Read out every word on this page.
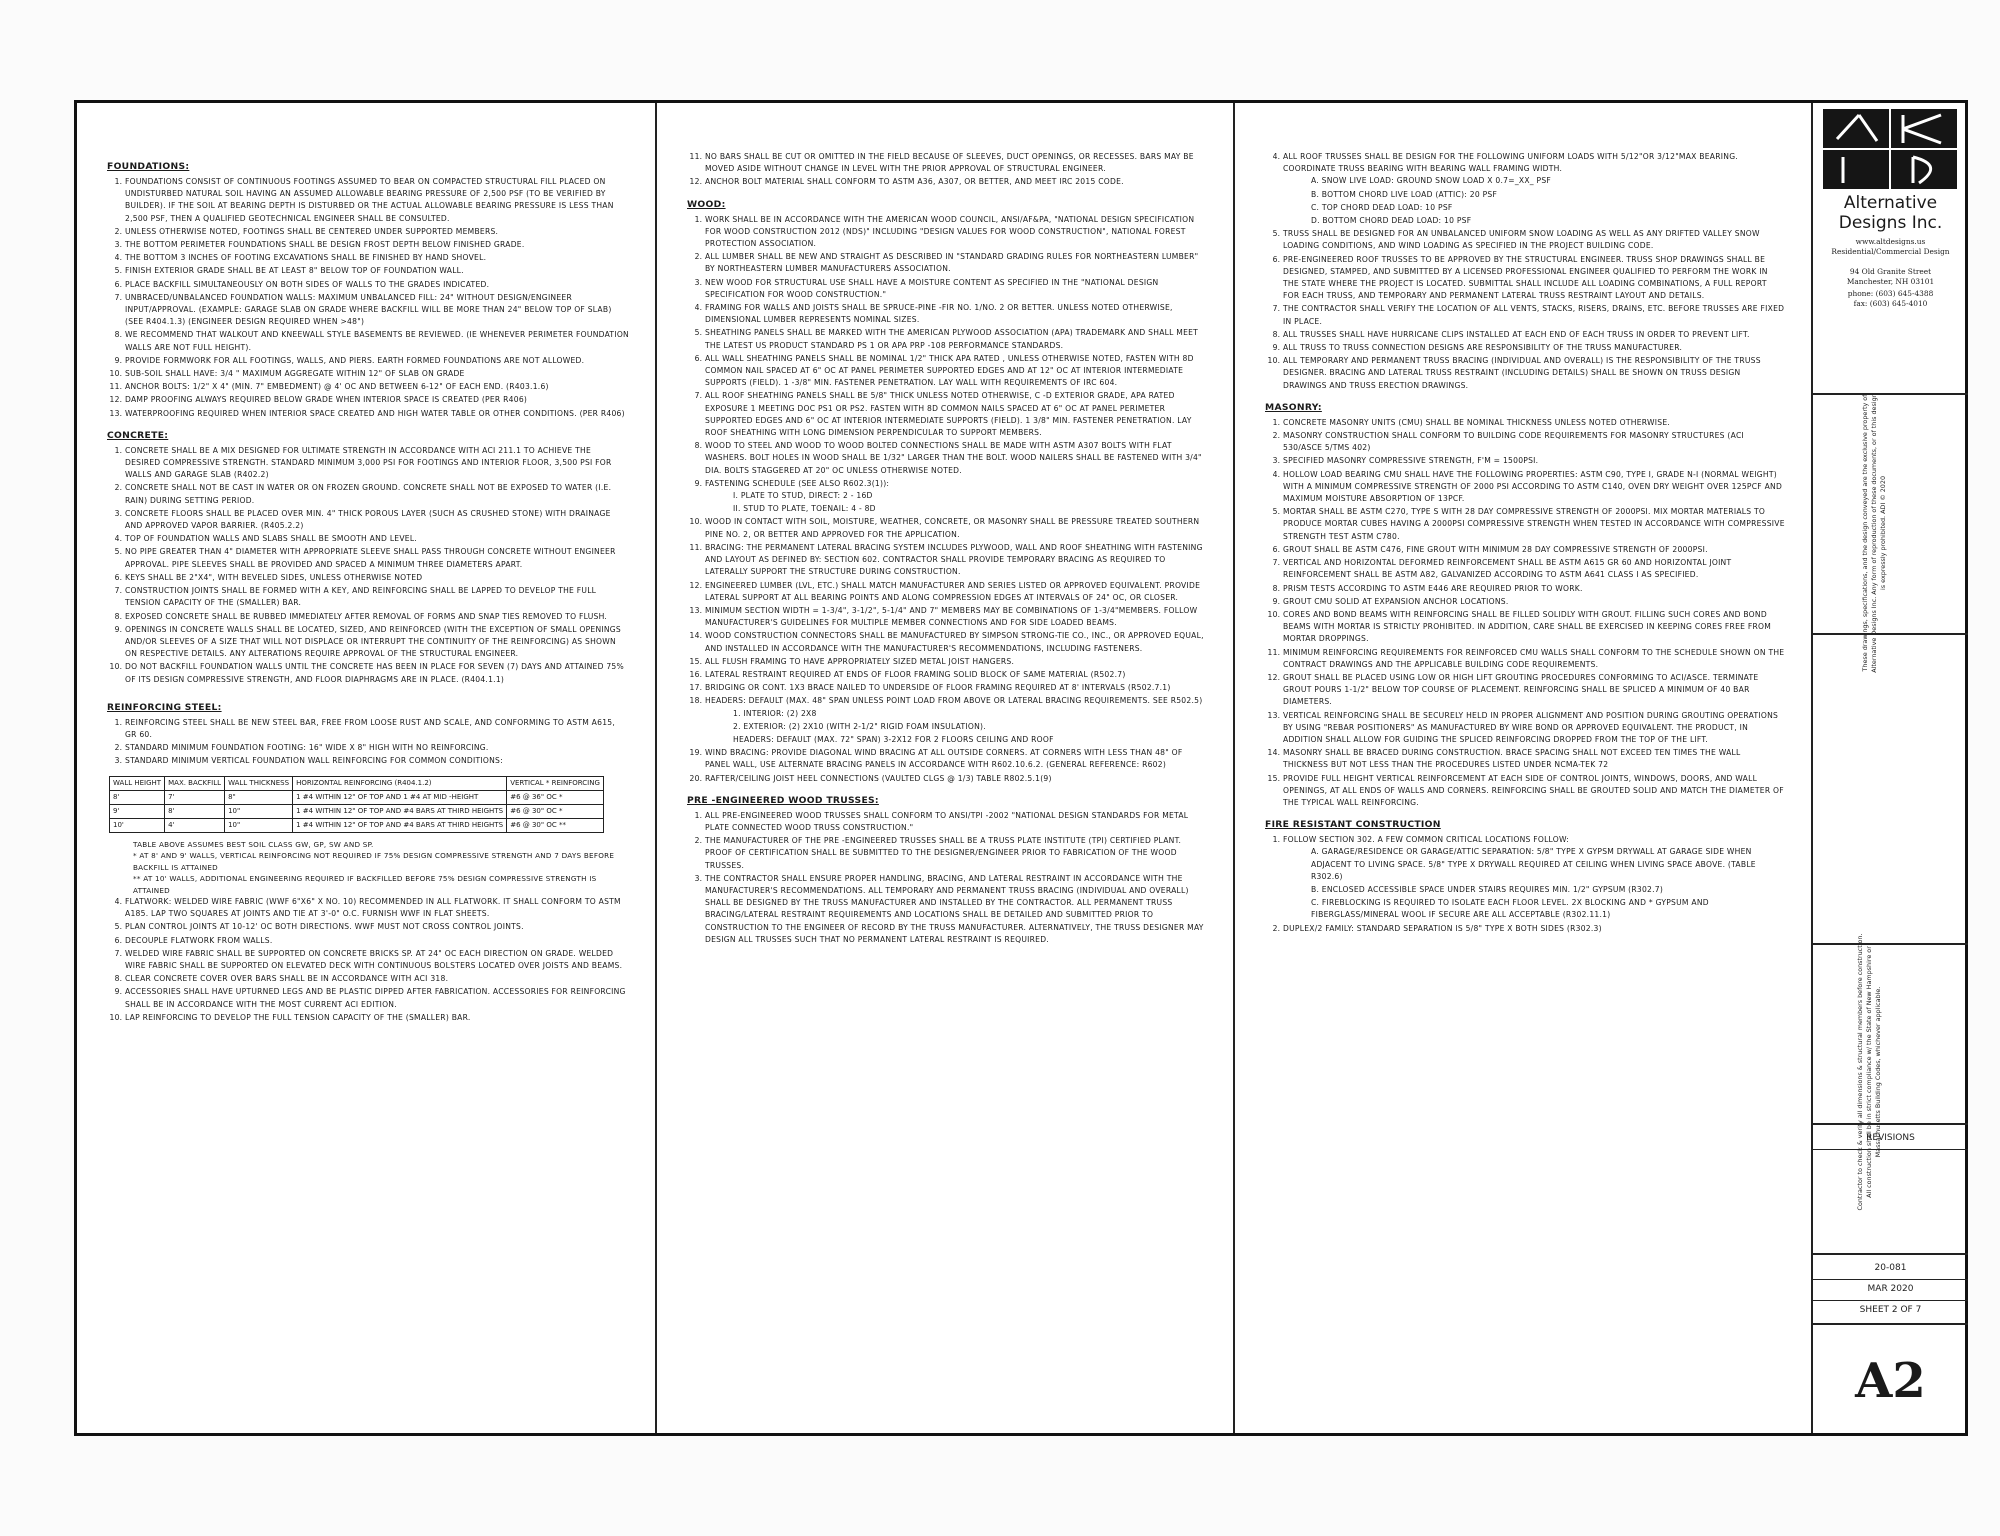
FOUNDATIONS:
1. FOUNDATIONS CONSIST OF CONTINUOUS FOOTINGS ASSUMED TO BEAR ON COMPACTED STRUCTURAL FILL PLACED ON UNDISTURBED NATURAL SOIL HAVING AN ASSUMED ALLOWABLE BEARING PRESSURE OF 2,500 PSF (TO BE VERIFIED BY BUILDER). IF THE SOIL AT BEARING DEPTH IS DISTURBED OR THE ACTUAL ALLOWABLE BEARING PRESSURE IS LESS THAN 2,500 PSF, THEN A QUALIFIED GEOTECHNICAL ENGINEER SHALL BE CONSULTED.
2. UNLESS OTHERWISE NOTED, FOOTINGS SHALL BE CENTERED UNDER SUPPORTED MEMBERS.
3. THE BOTTOM PERIMETER FOUNDATIONS SHALL BE DESIGN FROST DEPTH BELOW FINISHED GRADE.
4. THE BOTTOM 3 INCHES OF FOOTING EXCAVATIONS SHALL BE FINISHED BY HAND SHOVEL.
5. FINISH EXTERIOR GRADE SHALL BE AT LEAST 8" BELOW TOP OF FOUNDATION WALL.
6. PLACE BACKFILL SIMULTANEOUSLY ON BOTH SIDES OF WALLS TO THE GRADES INDICATED.
7. UNBRACED/UNBALANCED FOUNDATION WALLS: MAXIMUM UNBALANCED FILL: 24" WITHOUT DESIGN/ENGINEER INPUT/APPROVAL. (EXAMPLE: GARAGE SLAB ON GRADE WHERE BACKFILL WILL BE MORE THAN 24" BELOW TOP OF SLAB) (SEE R404.1.3) (ENGINEER DESIGN REQUIRED WHEN >48")
8. WE RECOMMEND THAT WALKOUT AND KNEEWALL STYLE BASEMENTS BE REVIEWED. (IE WHENEVER PERIMETER FOUNDATION WALLS ARE NOT FULL HEIGHT).
9. PROVIDE FORMWORK FOR ALL FOOTINGS, WALLS, AND PIERS. EARTH FORMED FOUNDATIONS ARE NOT ALLOWED.
10. SUB-SOIL SHALL HAVE: 3/4 " MAXIMUM AGGREGATE WITHIN 12" OF SLAB ON GRADE
11. ANCHOR BOLTS: 1/2" X 4" (MIN. 7" EMBEDMENT) @ 4' OC AND BETWEEN 6-12" OF EACH END. (R403.1.6)
12. DAMP PROOFING ALWAYS REQUIRED BELOW GRADE WHEN INTERIOR SPACE IS CREATED (PER R406)
13. WATERPROOFING REQUIRED WHEN INTERIOR SPACE CREATED AND HIGH WATER TABLE OR OTHER CONDITIONS. (PER R406)
CONCRETE:
1. CONCRETE SHALL BE A MIX DESIGNED FOR ULTIMATE STRENGTH IN ACCORDANCE WITH ACI 211.1 TO ACHIEVE THE DESIRED COMPRESSIVE STRENGTH. STANDARD MINIMUM 3,000 PSI FOR FOOTINGS AND INTERIOR FLOOR, 3,500 PSI FOR WALLS AND GARAGE SLAB (R402.2)
2. CONCRETE SHALL NOT BE CAST IN WATER OR ON FROZEN GROUND. CONCRETE SHALL NOT BE EXPOSED TO WATER (I.E. RAIN) DURING SETTING PERIOD.
3. CONCRETE FLOORS SHALL BE PLACED OVER MIN. 4" THICK POROUS LAYER (SUCH AS CRUSHED STONE) WITH DRAINAGE AND APPROVED VAPOR BARRIER. (R405.2.2)
4. TOP OF FOUNDATION WALLS AND SLABS SHALL BE SMOOTH AND LEVEL.
5. NO PIPE GREATER THAN 4" DIAMETER WITH APPROPRIATE SLEEVE SHALL PASS THROUGH CONCRETE WITHOUT ENGINEER APPROVAL. PIPE SLEEVES SHALL BE PROVIDED AND SPACED A MINIMUM THREE DIAMETERS APART.
6. KEYS SHALL BE 2"X4", WITH BEVELED SIDES, UNLESS OTHERWISE NOTED
7. CONSTRUCTION JOINTS SHALL BE FORMED WITH A KEY, AND REINFORCING SHALL BE LAPPED TO DEVELOP THE FULL TENSION CAPACITY OF THE (SMALLER) BAR.
8. EXPOSED CONCRETE SHALL BE RUBBED IMMEDIATELY AFTER REMOVAL OF FORMS AND SNAP TIES REMOVED TO FLUSH.
9. OPENINGS IN CONCRETE WALLS SHALL BE LOCATED, SIZED, AND REINFORCED (WITH THE EXCEPTION OF SMALL OPENINGS AND/OR SLEEVES OF A SIZE THAT WILL NOT DISPLACE OR INTERRUPT THE CONTINUITY OF THE REINFORCING) AS SHOWN ON RESPECTIVE DETAILS. ANY ALTERATIONS REQUIRE APPROVAL OF THE STRUCTURAL ENGINEER.
10. DO NOT BACKFILL FOUNDATION WALLS UNTIL THE CONCRETE HAS BEEN IN PLACE FOR SEVEN (7) DAYS AND ATTAINED 75% OF ITS DESIGN COMPRESSIVE STRENGTH, AND FLOOR DIAPHRAGMS ARE IN PLACE. (R404.1.1)
REINFORCING STEEL:
1. REINFORCING STEEL SHALL BE NEW STEEL BAR, FREE FROM LOOSE RUST AND SCALE, AND CONFORMING TO ASTM A615, GR 60.
2. STANDARD MINIMUM FOUNDATION FOOTING: 16" WIDE X 8" HIGH WITH NO REINFORCING.
3. STANDARD MINIMUM VERTICAL FOUNDATION WALL REINFORCING FOR COMMON CONDITIONS:
WALL HEIGHT	MAX. BACKFILL	WALL THICKNESS	HORIZONTAL REINFORCING (R404.1.2)	VERTICAL * REINFORCING
8'	7'	8"	1 #4 WITHIN 12" OF TOP AND 1 #4 AT MID -HEIGHT	#6 @ 36" OC *
9'	8'	10"	1 #4 WITHIN 12" OF TOP AND #4 BARS AT THIRD HEIGHTS	#6 @ 30" OC *
10'	4'	10"	1 #4 WITHIN 12" OF TOP AND #4 BARS AT THIRD HEIGHTS	#6 @ 30" OC **
TABLE ABOVE ASSUMES BEST SOIL CLASS GW, GP, SW AND SP.
* AT 8' AND 9' WALLS, VERTICAL REINFORCING NOT REQUIRED IF 75% DESIGN COMPRESSIVE STRENGTH AND 7 DAYS BEFORE BACKFILL IS ATTAINED
** AT 10' WALLS, ADDITIONAL ENGINEERING REQUIRED IF BACKFILLED BEFORE 75% DESIGN COMPRESSIVE STRENGTH IS ATTAINED
4. FLATWORK: WELDED WIRE FABRIC (WWF 6"X6" X NO. 10) RECOMMENDED IN ALL FLATWORK. IT SHALL CONFORM TO ASTM A185. LAP TWO SQUARES AT JOINTS AND TIE AT 3'-0" O.C. FURNISH WWF IN FLAT SHEETS.
5. PLAN CONTROL JOINTS AT 10-12' OC BOTH DIRECTIONS. WWF MUST NOT CROSS CONTROL JOINTS.
6. DECOUPLE FLATWORK FROM WALLS.
7. WELDED WIRE FABRIC SHALL BE SUPPORTED ON CONCRETE BRICKS SP. AT 24" OC EACH DIRECTION ON GRADE. WELDED WIRE FABRIC SHALL BE SUPPORTED ON ELEVATED DECK WITH CONTINUOUS BOLSTERS LOCATED OVER JOISTS AND BEAMS.
8. CLEAR CONCRETE COVER OVER BARS SHALL BE IN ACCORDANCE WITH ACI 318.
9. ACCESSORIES SHALL HAVE UPTURNED LEGS AND BE PLASTIC DIPPED AFTER FABRICATION. ACCESSORIES FOR REINFORCING SHALL BE IN ACCORDANCE WITH THE MOST CURRENT ACI EDITION.
10. LAP REINFORCING TO DEVELOP THE FULL TENSION CAPACITY OF THE (SMALLER) BAR.
11. NO BARS SHALL BE CUT OR OMITTED IN THE FIELD BECAUSE OF SLEEVES, DUCT OPENINGS, OR RECESSES. BARS MAY BE MOVED ASIDE WITHOUT CHANGE IN LEVEL WITH THE PRIOR APPROVAL OF STRUCTURAL ENGINEER.
12. ANCHOR BOLT MATERIAL SHALL CONFORM TO ASTM A36, A307, OR BETTER, AND MEET IRC 2015 CODE.
WOOD:
1. WORK SHALL BE IN ACCORDANCE WITH THE AMERICAN WOOD COUNCIL, ANSI/AF&PA, "NATIONAL DESIGN SPECIFICATION FOR WOOD CONSTRUCTION 2012 (NDS)" INCLUDING "DESIGN VALUES FOR WOOD CONSTRUCTION", NATIONAL FOREST PROTECTION ASSOCIATION.
2. ALL LUMBER SHALL BE NEW AND STRAIGHT AS DESCRIBED IN "STANDARD GRADING RULES FOR NORTHEASTERN LUMBER" BY NORTHEASTERN LUMBER MANUFACTURERS ASSOCIATION.
3. NEW WOOD FOR STRUCTURAL USE SHALL HAVE A MOISTURE CONTENT AS SPECIFIED IN THE "NATIONAL DESIGN SPECIFICATION FOR WOOD CONSTRUCTION."
4. FRAMING FOR WALLS AND JOISTS SHALL BE SPRUCE-PINE -FIR NO. 1/NO. 2 OR BETTER. UNLESS NOTED OTHERWISE, DIMENSIONAL LUMBER REPRESENTS NOMINAL SIZES.
5. SHEATHING PANELS SHALL BE MARKED WITH THE AMERICAN PLYWOOD ASSOCIATION (APA) TRADEMARK AND SHALL MEET THE LATEST US PRODUCT STANDARD PS 1 OR APA PRP -108 PERFORMANCE STANDARDS.
6. ALL WALL SHEATHING PANELS SHALL BE NOMINAL 1/2" THICK APA RATED , UNLESS OTHERWISE NOTED, FASTEN WITH 8D COMMON NAIL SPACED AT 6" OC AT PANEL PERIMETER SUPPORTED EDGES AND AT 12" OC AT INTERIOR INTERMEDIATE SUPPORTS (FIELD). 1 -3/8" MIN. FASTENER PENETRATION. LAY WALL WITH REQUIREMENTS OF IRC 604.
7. ALL ROOF SHEATHING PANELS SHALL BE 5/8" THICK UNLESS NOTED OTHERWISE, C -D EXTERIOR GRADE, APA RATED EXPOSURE 1 MEETING DOC PS1 OR PS2. FASTEN WITH 8D COMMON NAILS SPACED AT 6" OC AT PANEL PERIMETER SUPPORTED EDGES AND 6" OC AT INTERIOR INTERMEDIATE SUPPORTS (FIELD). 1 3/8" MIN. FASTENER PENETRATION. LAY ROOF SHEATHING WITH LONG DIMENSION PERPENDICULAR TO SUPPORT MEMBERS.
8. WOOD TO STEEL AND WOOD TO WOOD BOLTED CONNECTIONS SHALL BE MADE WITH ASTM A307 BOLTS WITH FLAT WASHERS. BOLT HOLES IN WOOD SHALL BE 1/32" LARGER THAN THE BOLT. WOOD NAILERS SHALL BE FASTENED WITH 3/4" DIA. BOLTS STAGGERED AT 20" OC UNLESS OTHERWISE NOTED.
9. FASTENING SCHEDULE (SEE ALSO R602.3(1)):
I. PLATE TO STUD, DIRECT: 2 - 16D
II. STUD TO PLATE, TOENAIL: 4 - 8D
10. WOOD IN CONTACT WITH SOIL, MOISTURE, WEATHER, CONCRETE, OR MASONRY SHALL BE PRESSURE TREATED SOUTHERN PINE NO. 2, OR BETTER AND APPROVED FOR THE APPLICATION.
11. BRACING: THE PERMANENT LATERAL BRACING SYSTEM INCLUDES PLYWOOD, WALL AND ROOF SHEATHING WITH FASTENING AND LAYOUT AS DEFINED BY: SECTION 602. CONTRACTOR SHALL PROVIDE TEMPORARY BRACING AS REQUIRED TO LATERALLY SUPPORT THE STRUCTURE DURING CONSTRUCTION.
12. ENGINEERED LUMBER (LVL, ETC.) SHALL MATCH MANUFACTURER AND SERIES LISTED OR APPROVED EQUIVALENT. PROVIDE LATERAL SUPPORT AT ALL BEARING POINTS AND ALONG COMPRESSION EDGES AT INTERVALS OF 24" OC, OR CLOSER.
13. MINIMUM SECTION WIDTH = 1-3/4", 3-1/2", 5-1/4" AND 7" MEMBERS MAY BE COMBINATIONS OF 1-3/4"MEMBERS. FOLLOW MANUFACTURER'S GUIDELINES FOR MULTIPLE MEMBER CONNECTIONS AND FOR SIDE LOADED BEAMS.
14. WOOD CONSTRUCTION CONNECTORS SHALL BE MANUFACTURED BY SIMPSON STRONG-TIE CO., INC., OR APPROVED EQUAL, AND INSTALLED IN ACCORDANCE WITH THE MANUFACTURER'S RECOMMENDATIONS, INCLUDING FASTENERS.
15. ALL FLUSH FRAMING TO HAVE APPROPRIATELY SIZED METAL JOIST HANGERS.
16. LATERAL RESTRAINT REQUIRED AT ENDS OF FLOOR FRAMING SOLID BLOCK OF SAME MATERIAL (R502.7)
17. BRIDGING OR CONT. 1X3 BRACE NAILED TO UNDERSIDE OF FLOOR FRAMING REQUIRED AT 8' INTERVALS (R502.7.1)
18. HEADERS: DEFAULT (MAX. 48" SPAN UNLESS POINT LOAD FROM ABOVE OR LATERAL BRACING REQUIREMENTS. SEE R502.5)
1. INTERIOR: (2) 2X8
2. EXTERIOR: (2) 2X10 (WITH 2-1/2" RIGID FOAM INSULATION).
HEADERS: DEFAULT (MAX. 72" SPAN) 3-2X12 FOR 2 FLOORS CEILING AND ROOF
19. WIND BRACING: PROVIDE DIAGONAL WIND BRACING AT ALL OUTSIDE CORNERS. AT CORNERS WITH LESS THAN 48" OF PANEL WALL, USE ALTERNATE BRACING PANELS IN ACCORDANCE WITH R602.10.6.2. (GENERAL REFERENCE: R602)
20. RAFTER/CEILING JOIST HEEL CONNECTIONS (VAULTED CLGS @ 1/3) TABLE R802.5.1(9)
PRE -ENGINEERED WOOD TRUSSES:
1. ALL PRE-ENGINEERED WOOD TRUSSES SHALL CONFORM TO ANSI/TPI -2002 "NATIONAL DESIGN STANDARDS FOR METAL PLATE CONNECTED WOOD TRUSS CONSTRUCTION."
2. THE MANUFACTURER OF THE PRE -ENGINEERED TRUSSES SHALL BE A TRUSS PLATE INSTITUTE (TPI) CERTIFIED PLANT. PROOF OF CERTIFICATION SHALL BE SUBMITTED TO THE DESIGNER/ENGINEER PRIOR TO FABRICATION OF THE WOOD TRUSSES.
3. THE CONTRACTOR SHALL ENSURE PROPER HANDLING, BRACING, AND LATERAL RESTRAINT IN ACCORDANCE WITH THE MANUFACTURER'S RECOMMENDATIONS. ALL TEMPORARY AND PERMANENT TRUSS BRACING (INDIVIDUAL AND OVERALL) SHALL BE DESIGNED BY THE TRUSS MANUFACTURER AND INSTALLED BY THE CONTRACTOR. ALL PERMANENT TRUSS BRACING/LATERAL RESTRAINT REQUIREMENTS AND LOCATIONS SHALL BE DETAILED AND SUBMITTED PRIOR TO CONSTRUCTION TO THE ENGINEER OF RECORD BY THE TRUSS MANUFACTURER. ALTERNATIVELY, THE TRUSS DESIGNER MAY DESIGN ALL TRUSSES SUCH THAT NO PERMANENT LATERAL RESTRAINT IS REQUIRED.
4. ALL ROOF TRUSSES SHALL BE DESIGN FOR THE FOLLOWING UNIFORM LOADS WITH 5/12"OR 3/12"MAX BEARING. COORDINATE TRUSS BEARING WITH BEARING WALL FRAMING WIDTH.
A. SNOW LIVE LOAD: GROUND SNOW LOAD X 0.7=_XX_ PSF
B. BOTTOM CHORD LIVE LOAD (ATTIC): 20 PSF
C. TOP CHORD DEAD LOAD: 10 PSF
D. BOTTOM CHORD DEAD LOAD: 10 PSF
5. TRUSS SHALL BE DESIGNED FOR AN UNBALANCED UNIFORM SNOW LOADING AS WELL AS ANY DRIFTED VALLEY SNOW LOADING CONDITIONS, AND WIND LOADING AS SPECIFIED IN THE PROJECT BUILDING CODE.
6. PRE-ENGINEERED ROOF TRUSSES TO BE APPROVED BY THE STRUCTURAL ENGINEER. TRUSS SHOP DRAWINGS SHALL BE DESIGNED, STAMPED, AND SUBMITTED BY A LICENSED PROFESSIONAL ENGINEER QUALIFIED TO PERFORM THE WORK IN THE STATE WHERE THE PROJECT IS LOCATED. SUBMITTAL SHALL INCLUDE ALL LOADING COMBINATIONS, A FULL REPORT FOR EACH TRUSS, AND TEMPORARY AND PERMANENT LATERAL TRUSS RESTRAINT LAYOUT AND DETAILS.
7. THE CONTRACTOR SHALL VERIFY THE LOCATION OF ALL VENTS, STACKS, RISERS, DRAINS, ETC. BEFORE TRUSSES ARE FIXED IN PLACE.
8. ALL TRUSSES SHALL HAVE HURRICANE CLIPS INSTALLED AT EACH END OF EACH TRUSS IN ORDER TO PREVENT LIFT.
9. ALL TRUSS TO TRUSS CONNECTION DESIGNS ARE RESPONSIBILITY OF THE TRUSS MANUFACTURER.
10. ALL TEMPORARY AND PERMANENT TRUSS BRACING (INDIVIDUAL AND OVERALL) IS THE RESPONSIBILITY OF THE TRUSS DESIGNER. BRACING AND LATERAL TRUSS RESTRAINT (INCLUDING DETAILS) SHALL BE SHOWN ON TRUSS DESIGN DRAWINGS AND TRUSS ERECTION DRAWINGS.
MASONRY:
1. CONCRETE MASONRY UNITS (CMU) SHALL BE NOMINAL THICKNESS UNLESS NOTED OTHERWISE.
2. MASONRY CONSTRUCTION SHALL CONFORM TO BUILDING CODE REQUIREMENTS FOR MASONRY STRUCTURES (ACI 530/ASCE 5/TMS 402)
3. SPECIFIED MASONRY COMPRESSIVE STRENGTH, F'M = 1500PSI.
4. HOLLOW LOAD BEARING CMU SHALL HAVE THE FOLLOWING PROPERTIES: ASTM C90, TYPE I, GRADE N-I (NORMAL WEIGHT) WITH A MINIMUM COMPRESSIVE STRENGTH OF 2000 PSI ACCORDING TO ASTM C140, OVEN DRY WEIGHT OVER 125PCF AND MAXIMUM MOISTURE ABSORPTION OF 13PCF.
5. MORTAR SHALL BE ASTM C270, TYPE S WITH 28 DAY COMPRESSIVE STRENGTH OF 2000PSI. MIX MORTAR MATERIALS TO PRODUCE MORTAR CUBES HAVING A 2000PSI COMPRESSIVE STRENGTH WHEN TESTED IN ACCORDANCE WITH COMPRESSIVE STRENGTH TEST ASTM C780.
6. GROUT SHALL BE ASTM C476, FINE GROUT WITH MINIMUM 28 DAY COMPRESSIVE STRENGTH OF 2000PSI.
7. VERTICAL AND HORIZONTAL DEFORMED REINFORCEMENT SHALL BE ASTM A615 GR 60 AND HORIZONTAL JOINT REINFORCEMENT SHALL BE ASTM A82, GALVANIZED ACCORDING TO ASTM A641 CLASS I AS SPECIFIED.
8. PRISM TESTS ACCORDING TO ASTM E446 ARE REQUIRED PRIOR TO WORK.
9. GROUT CMU SOLID AT EXPANSION ANCHOR LOCATIONS.
10. CORES AND BOND BEAMS WITH REINFORCING SHALL BE FILLED SOLIDLY WITH GROUT. FILLING SUCH CORES AND BOND BEAMS WITH MORTAR IS STRICTLY PROHIBITED. IN ADDITION, CARE SHALL BE EXERCISED IN KEEPING CORES FREE FROM MORTAR DROPPINGS.
11. MINIMUM REINFORCING REQUIREMENTS FOR REINFORCED CMU WALLS SHALL CONFORM TO THE SCHEDULE SHOWN ON THE CONTRACT DRAWINGS AND THE APPLICABLE BUILDING CODE REQUIREMENTS.
12. GROUT SHALL BE PLACED USING LOW OR HIGH LIFT GROUTING PROCEDURES CONFORMING TO ACI/ASCE. TERMINATE GROUT POURS 1-1/2" BELOW TOP COURSE OF PLACEMENT. REINFORCING SHALL BE SPLICED A MINIMUM OF 40 BAR DIAMETERS.
13. VERTICAL REINFORCING SHALL BE SECURELY HELD IN PROPER ALIGNMENT AND POSITION DURING GROUTING OPERATIONS BY USING "REBAR POSITIONERS" AS MANUFACTURED BY WIRE BOND OR APPROVED EQUIVALENT. THE PRODUCT, IN ADDITION SHALL ALLOW FOR GUIDING THE SPLICED REINFORCING DROPPED FROM THE TOP OF THE LIFT.
14. MASONRY SHALL BE BRACED DURING CONSTRUCTION. BRACE SPACING SHALL NOT EXCEED TEN TIMES THE WALL THICKNESS BUT NOT LESS THAN THE PROCEDURES LISTED UNDER NCMA-TEK 72
15. PROVIDE FULL HEIGHT VERTICAL REINFORCEMENT AT EACH SIDE OF CONTROL JOINTS, WINDOWS, DOORS, AND WALL OPENINGS, AT ALL ENDS OF WALLS AND CORNERS. REINFORCING SHALL BE GROUTED SOLID AND MATCH THE DIAMETER OF THE TYPICAL WALL REINFORCING.
FIRE RESISTANT CONSTRUCTION
1. FOLLOW SECTION 302. A FEW COMMON CRITICAL LOCATIONS FOLLOW:
A. GARAGE/RESIDENCE OR GARAGE/ATTIC SEPARATION: 5/8" TYPE X GYPSM DRYWALL AT GARAGE SIDE WHEN ADJACENT TO LIVING SPACE. 5/8" TYPE X DRYWALL REQUIRED AT CEILING WHEN LIVING SPACE ABOVE. (TABLE R302.6)
B. ENCLOSED ACCESSIBLE SPACE UNDER STAIRS REQUIRES MIN. 1/2" GYPSUM (R302.7)
C. FIREBLOCKING IS REQUIRED TO ISOLATE EACH FLOOR LEVEL. 2X BLOCKING AND * GYPSUM AND FIBERGLASS/MINERAL WOOL IF SECURE ARE ALL ACCEPTABLE (R302.11.1)
2. DUPLEX/2 FAMILY: STANDARD SEPARATION IS 5/8" TYPE X BOTH SIDES (R302.3)
Alternative
Designs Inc.
www.altdesigns.us
Residential/Commercial Design
94 Old Granite Street
Manchester, NH 03101
phone: (603) 645-4388
fax: (603) 645-4010
These drawings, specifications, and the design conveyed are the exclusive property of Alternative Designs Inc. Any form of reproduction of these documents, or of this design is expressly prohibited. ADI © 2020
Contractor to check & verify all dimensions & structural members before construction. All construction shall be in strict compliance w/ the State of New Hampshire or Massachusetts Building Codes, whichever applicable.
REVISIONS
20-081
MAR 2020
SHEET 2 OF 7
A2
